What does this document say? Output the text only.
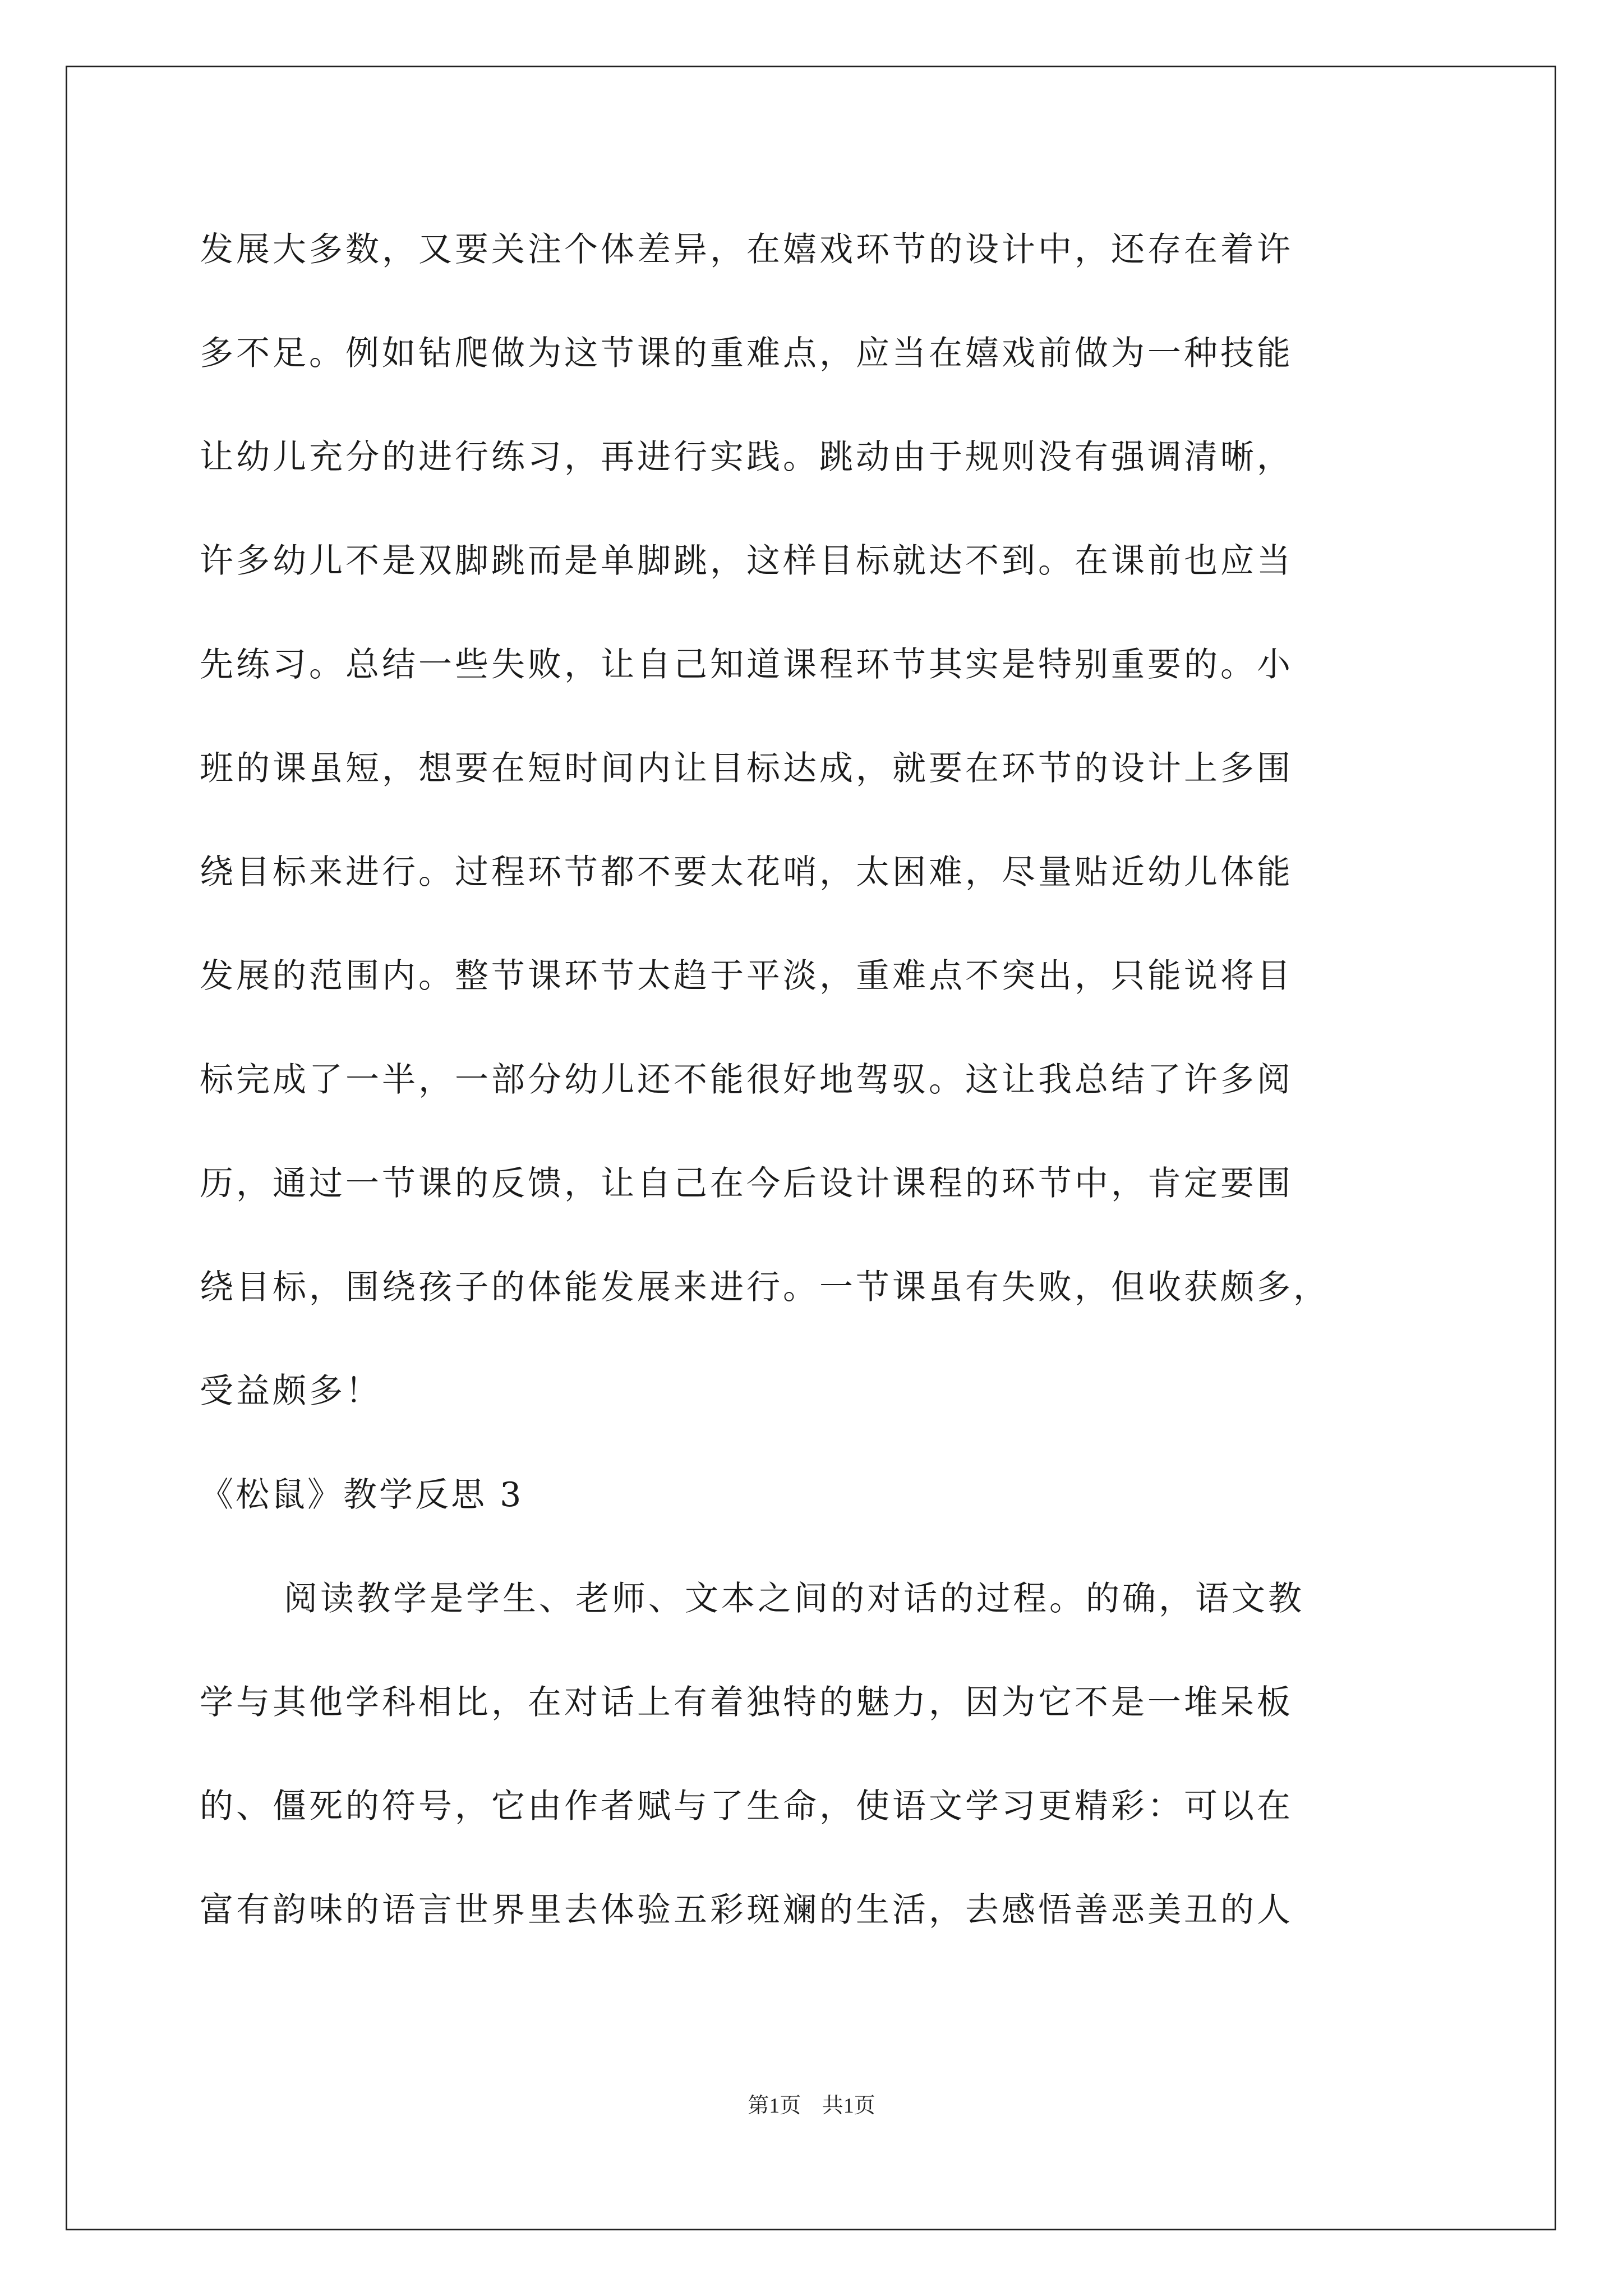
发展大多数，又要关注个体差异，在嬉戏环节的设计中，还存在着许
多不足。例如钻爬做为这节课的重难点，应当在嬉戏前做为一种技能
让幼儿充分的进行练习，再进行实践。跳动由于规则没有强调清晰，
许多幼儿不是双脚跳而是单脚跳，这样目标就达不到。在课前也应当
先练习。总结一些失败，让自己知道课程环节其实是特别重要的。小
班的课虽短，想要在短时间内让目标达成，就要在环节的设计上多围
绕目标来进行。过程环节都不要太花哨，太困难，尽量贴近幼儿体能
发展的范围内。整节课环节太趋于平淡，重难点不突出，只能说将目
标完成了一半，一部分幼儿还不能很好地驾驭。这让我总结了许多阅
历，通过一节课的反馈，让自己在今后设计课程的环节中，肯定要围
绕目标，围绕孩子的体能发展来进行。一节课虽有失败，但收获颇多，
受益颇多！
《松鼠》教学反思 3
阅读教学是学生、老师、文本之间的对话的过程。的确，语文教
学与其他学科相比，在对话上有着独特的魅力，因为它不是一堆呆板
的、僵死的符号，它由作者赋与了生命，使语文学习更精彩：可以在
富有韵味的语言世界里去体验五彩斑斓的生活，去感悟善恶美丑的人
第1页 共1页
